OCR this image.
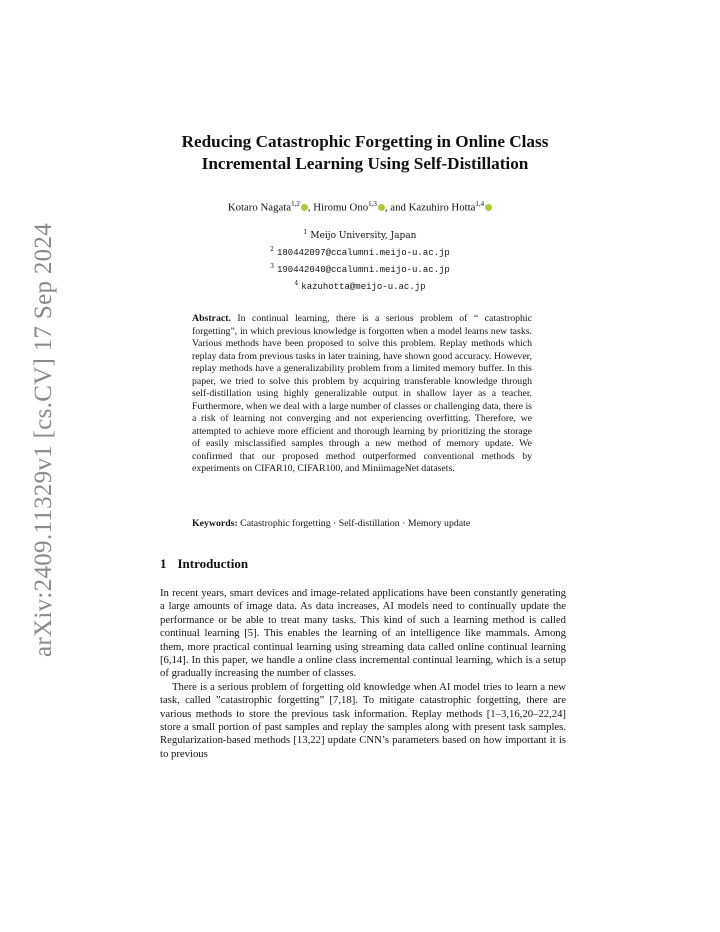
arXiv:2409.11329v1 [cs.CV] 17 Sep 2024
Reducing Catastrophic Forgetting in Online Class Incremental Learning Using Self-Distillation
Kotaro Nagata$^{1,2}$ , Hiromu Ono$^{1,3}$ , and Kazuhiro Hotta$^{1,4}$
$^1$ Meijo University, Japan
$^2$ 180442097@ccalumni.meijo-u.ac.jp
$^3$ 190442040@ccalumni.meijo-u.ac.jp
$^4$ kazuhotta@meijo-u.ac.jp
Abstract. In continual learning, there is a serious problem of “ catastrophic forgetting”, in which previous knowledge is forgotten when a model learns new tasks. Various methods have been proposed to solve this problem. Replay methods which replay data from previous tasks in later training, have shown good accuracy. However, replay methods have a generalizability problem from a limited memory buffer. In this paper, we tried to solve this problem by acquiring transferable knowledge through self-distillation using highly generalizable output in shallow layer as a teacher. Furthermore, when we deal with a large number of classes or challenging data, there is a risk of learning not converging and not experiencing overfitting. Therefore, we attempted to achieve more efficient and thorough learning by prioritizing the storage of easily misclassified samples through a new method of memory update. We confirmed that our proposed method outperformed conventional methods by experiments on CIFAR10, CIFAR100, and MiniimageNet datasets.
Keywords: Catastrophic forgetting · Self-distillation · Memory update
1 Introduction

In recent years, smart devices and image-related applications have been constantly generating a large amounts of image data. As data increases, AI models need to continually update the performance or be able to treat many tasks. This kind of such a learning method is called continual learning [5]. This enables the learning of an intelligence like mammals. Among them, more practical continual learning using streaming data called online continual learning [6,14]. In this paper, we handle a online class incremental continual learning, which is a setup of gradually increasing the number of classes.

There is a serious problem of forgetting old knowledge when AI model tries to learn a new task, called ”catastrophic forgetting” [7,18]. To mitigate catastrophic forgetting, there are various methods to store the previous task information. Replay methods [1–3,16,20–22,24] store a small portion of past samples and replay the samples along with present task samples. Regularization-based methods [13,22] update CNN’s parameters based on how important it is to previous
